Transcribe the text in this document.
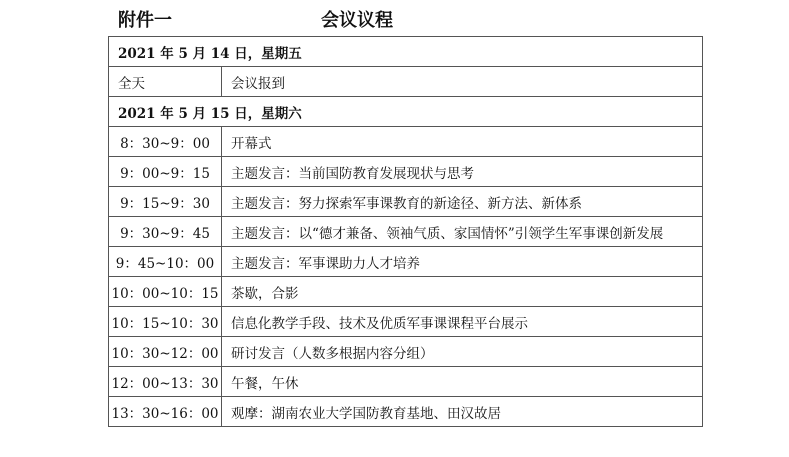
附件一	会议议程
2021 年 5 月 14 日，星期五	
全天	会议报到
2021 年 5 月 15 日，星期六	
8：30~9：00	开幕式
9：00~9：15	主题发言：当前国防教育发展现状与思考
9：15~9：30	主题发言：努力探索军事课教育的新途径、新方法、新体系
9：30~9：45	主题发言：以“德才兼备、领袖气质、家国情怀”引领学生军事课创新发展
9：45~10：00	主题发言：军事课助力人才培养
10：00~10：15	茶歇，合影
10：15~10：30	信息化教学手段、技术及优质军事课课程平台展示
10：30~12：00	研讨发言（人数多根据内容分组）
12：00~13：30	午餐，午休
13：30~16：00	观摩：湖南农业大学国防教育基地、田汉故居
